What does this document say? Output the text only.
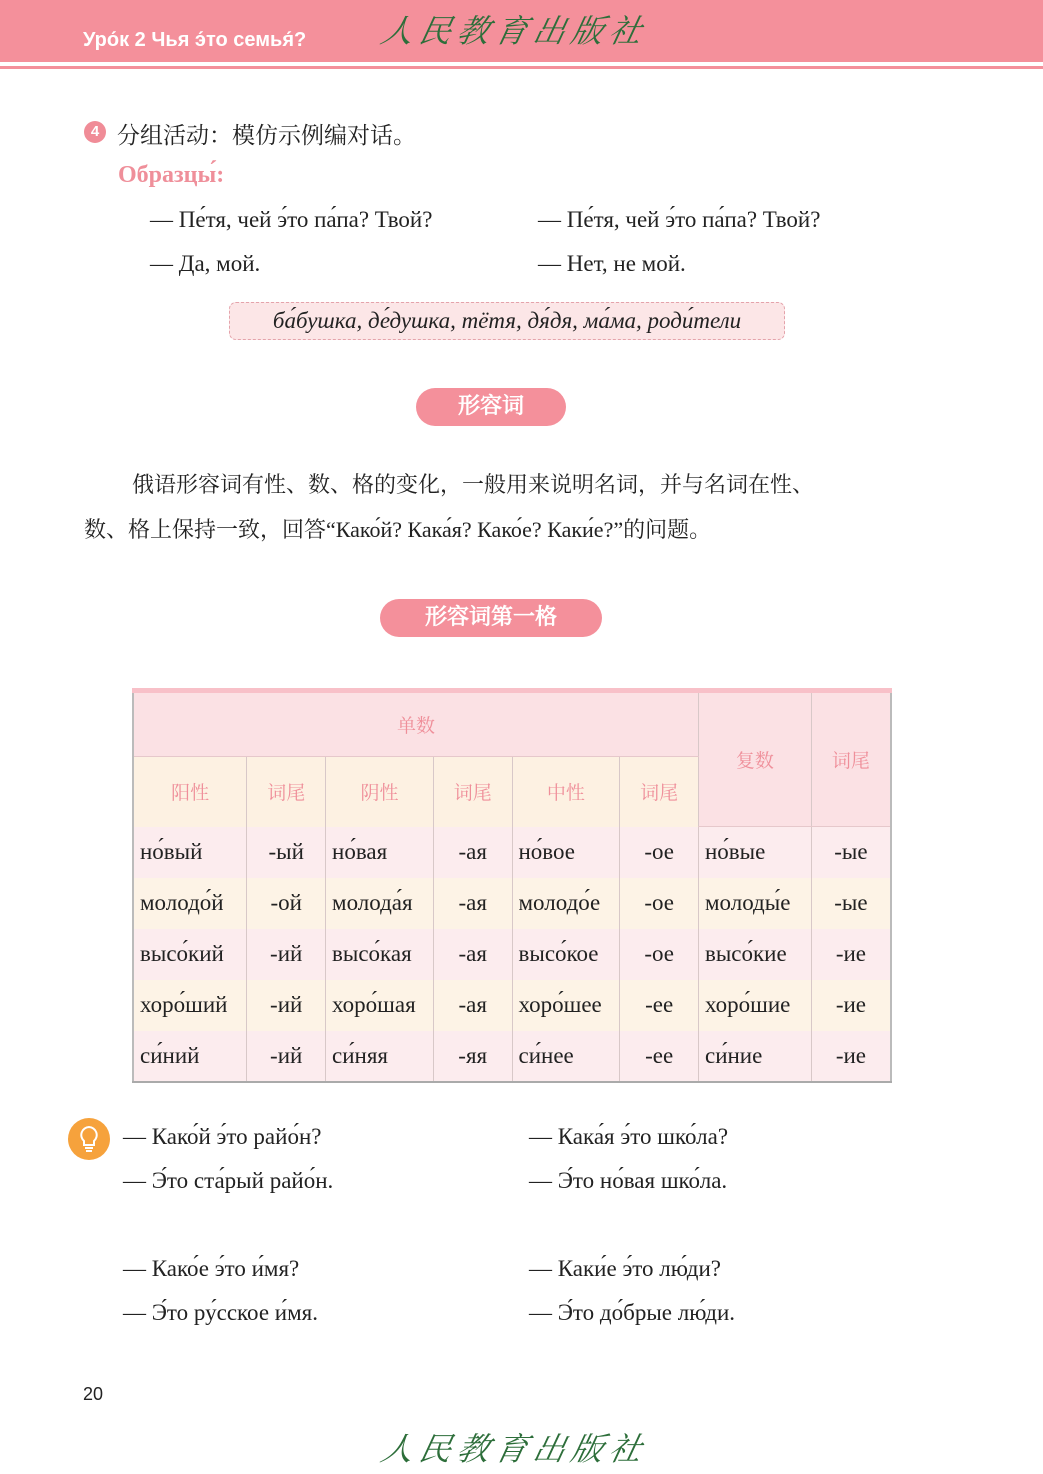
Уро́к 2 Чья э́то семья́? 人民教育出版社
4 分组活动：模仿示例编对话。
Образцы́:
— Пе́тя, чей э́то па́па? Твой?
— Да, мой.
— Пе́тя, чей э́то па́па? Твой?
— Нет, не мой.
ба́бушка, де́душка, тётя, дя́дя, ма́ма, роди́тели
形容词
俄语形容词有性、数、格的变化，一般用来说明名词，并与名词在性、
数、格上保持一致，回答“Како́й? Кака́я? Како́е? Каки́е?”的问题。
形容词第一格
单数						复数	词尾
阳性	词尾	阴性	词尾	中性	词尾		
но́вый	-ый	но́вая	-ая	но́вое	-ое	но́вые	-ые
молодо́й	-ой	молода́я	-ая	молодо́е	-ое	молоды́е	-ые
высо́кий	-ий	высо́кая	-ая	высо́кое	-ое	высо́кие	-ие
хоро́ший	-ий	хоро́шая	-ая	хоро́шее	-ее	хоро́шие	-ие
си́ний	-ий	си́няя	-яя	си́нее	-ее	си́ние	-ие
— Како́й э́то райо́н?
— Э́то ста́рый райо́н.
— Кака́я э́то шко́ла?
— Э́то но́вая шко́ла.
— Како́е э́то и́мя?
— Э́то ру́сское и́мя.
— Каки́е э́то лю́ди?
— Э́то до́брые лю́ди.
20
人民教育出版社
